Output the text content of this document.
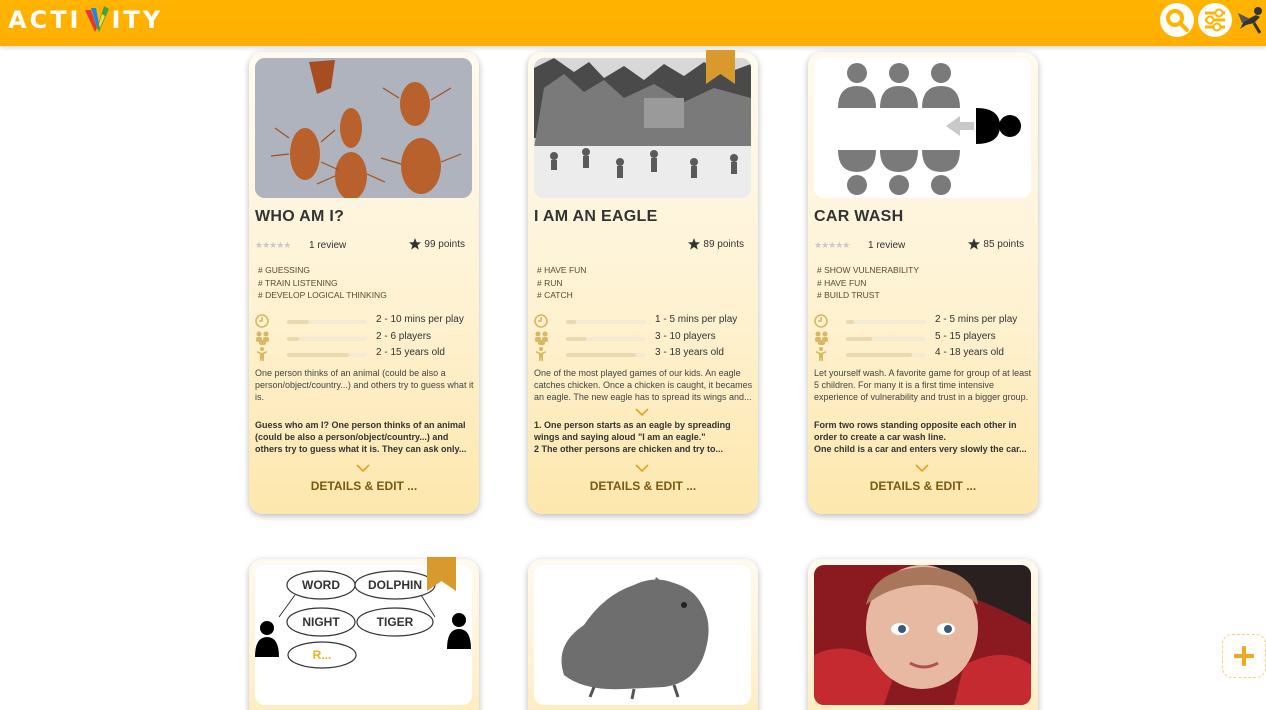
ACTI ITY
WHO AM I?
★★★★★ 1 review	99 points
# GUESSING
# TRAIN LISTENING
# DEVELOP LOGICAL THINKING
2 - 10 mins per play
2 - 6 players
2 - 15 years old
One person thinks of an animal (could be also a person/object/country...) and others try to guess what it is.
Guess who am I? One person thinks of an animal (could be also a person/object/country...) and others try to guess what it is. They can ask only...
DETAILS & EDIT ...
I AM AN EAGLE
89 points
# HAVE FUN
# RUN
# CATCH
1 - 5 mins per play
3 - 10 players
3 - 18 years old
One of the most played games of our kids. An eagle catches chicken. Once a chicken is caught, it becames an eagle. The new eagle has to spread its wings and...
1. One person starts as an eagle by spreading wings and saying aloud "I am an eagle."
2 The other persons are chicken and try to...
DETAILS & EDIT ...
CAR WASH
★★★★★ 1 review	85 points
# SHOW VULNERABILITY
# HAVE FUN
# BUILD TRUST
2 - 5 mins per play
5 - 15 players
4 - 18 years old
Let yourself wash. A favorite game for group of at least 5 children. For many it is a first time intensive experience of vulnerability and trust in a bigger group.
Form two rows standing opposite each other in order to create a car wash line.
One child is a car and enters very slowly the car...
DETAILS & EDIT ...
WORD DOLPHIN
NIGHT	TIGER
R...
